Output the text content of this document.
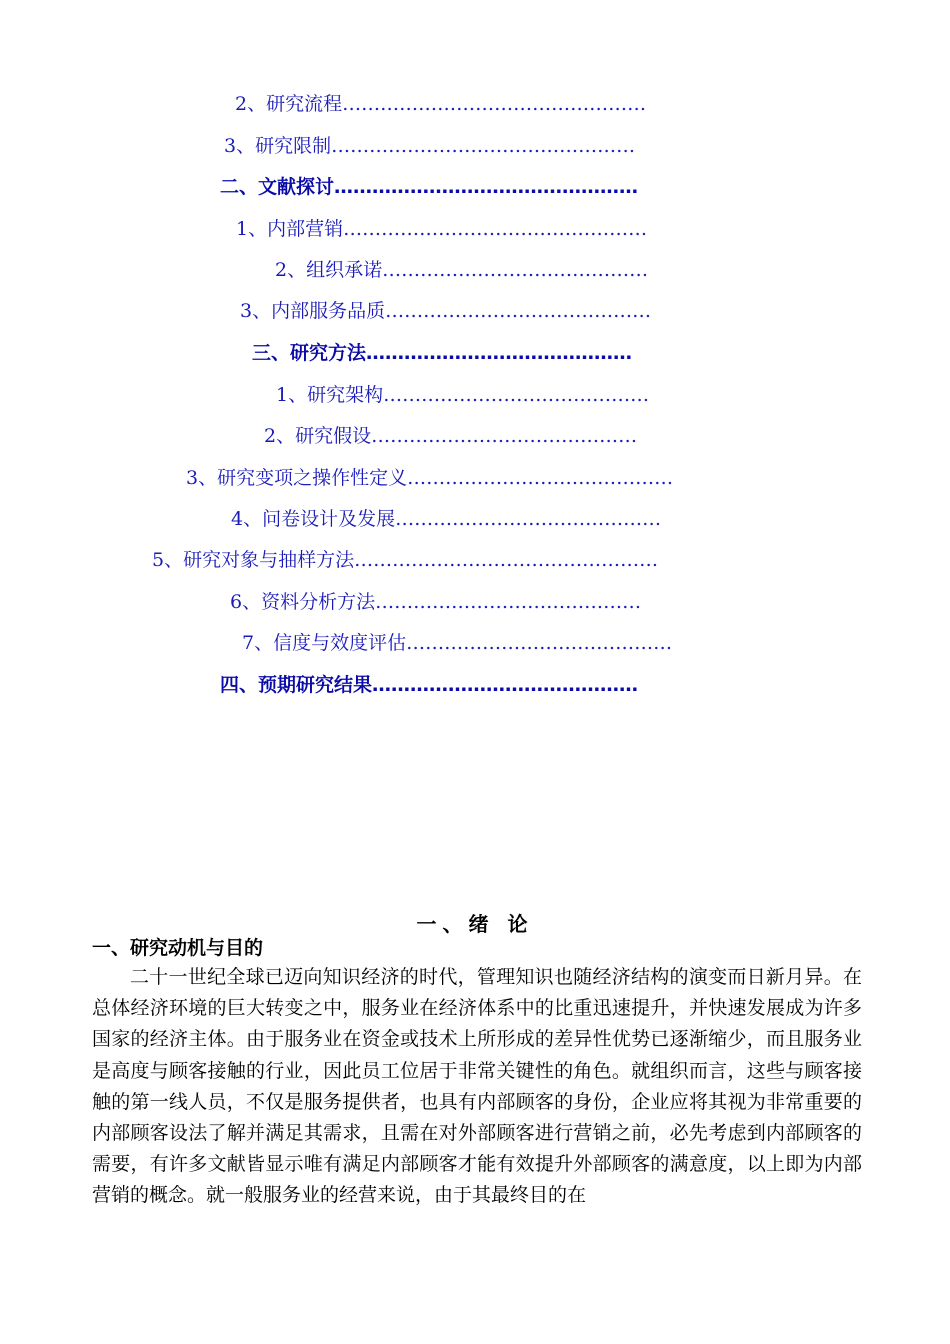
2、研究流程…………………………………………
3、研究限制…………………………………………
二、文献探讨…………………………………………
1、内部营销…………………………………………
2、组织承诺……………………………………
3、内部服务品质……………………………………
三、研究方法……………………………………
1、研究架构……………………………………
2、研究假设……………………………………
3、研究变项之操作性定义……………………………………
4、问卷设计及发展……………………………………
5、研究对象与抽样方法…………………………………………
6、资料分析方法……………………………………
7、信度与效度评估……………………………………
四、预期研究结果……………………………………
一、绪 论
一、研究动机与目的

二十一世纪全球已迈向知识经济的时代，管理知识也随经济结构的演变而日新月异。在总体经济环境的巨大转变之中，服务业在经济体系中的比重迅速提升，并快速发展成为许多国家的经济主体。由于服务业在资金或技术上所形成的差异性优势已逐渐缩少，而且服务业是高度与顾客接触的行业，因此员工位居于非常关键性的角色。就组织而言，这些与顾客接触的第一线人员，不仅是服务提供者，也具有内部顾客的身份，企业应将其视为非常重要的内部顾客设法了解并满足其需求，且需在对外部顾客进行营销之前，必先考虑到内部顾客的需要，有许多文献皆显示唯有满足内部顾客才能有效提升外部顾客的满意度，以上即为内部营销的概念。就一般服务业的经营来说，由于其最终目的在
